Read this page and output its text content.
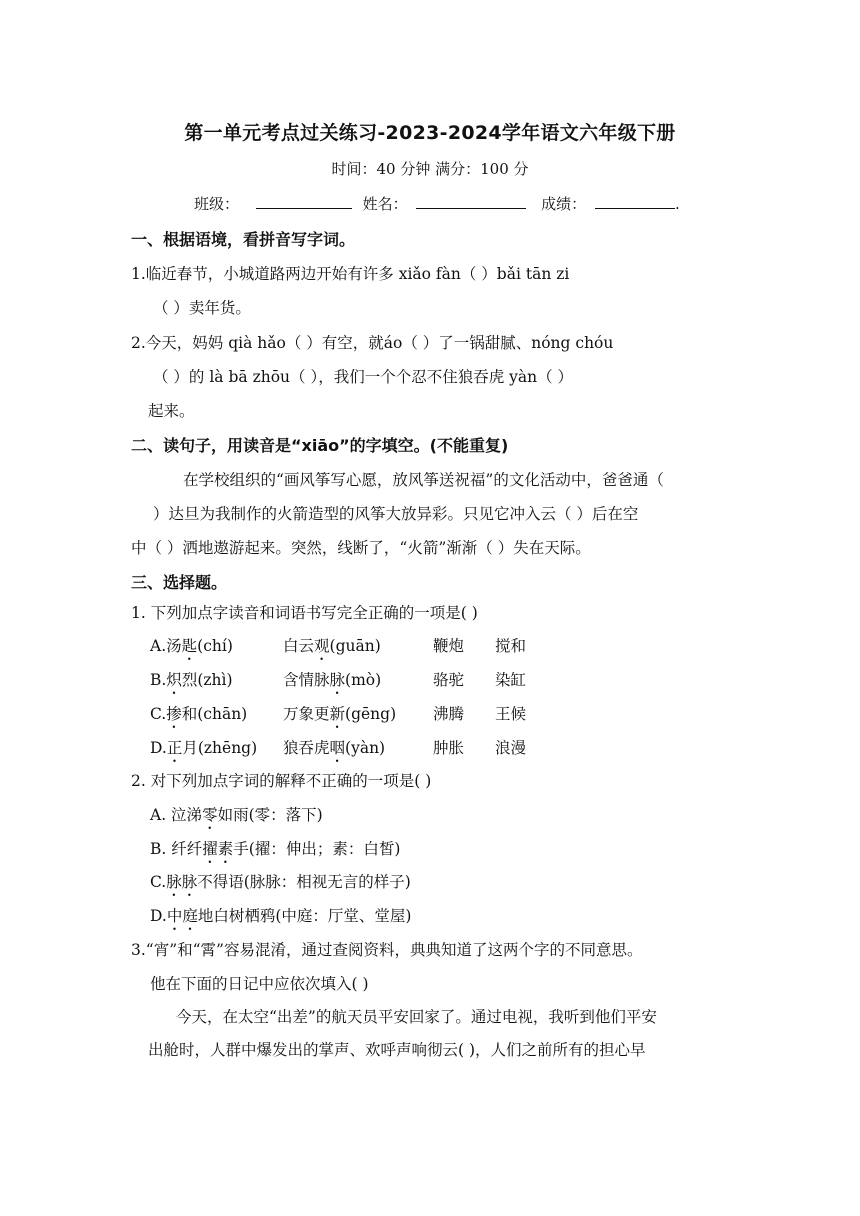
第一单元考点过关练习-2023-2024学年语文六年级下册
时间：40 分钟 满分：100 分
班级：	姓名：	成绩：	.
一、根据语境，看拼音写字词。
1.临近春节，小城道路两边开始有许多 xiǎo fàn（ ）bǎi tān zi
（ ）卖年货。
2.今天，妈妈 qià hǎo（ ）有空，就áo（ ）了一锅甜腻、nóng chóu
（ ）的 là bā zhōu（ ），我们一个个忍不住狼吞虎 yàn（ ）
起来。
二、读句子，用读音是“xiāo”的字填空。(不能重复)
在学校组织的“画风筝写心愿，放风筝送祝福”的文化活动中，爸爸通（
）达旦为我制作的火箭造型的风筝大放异彩。只见它冲入云（ ）后在空
中（ ）洒地遨游起来。突然，线断了，“火箭”渐渐（ ）失在天际。
三、选择题。
1. 下列加点字读音和词语书写完全正确的一项是( )
A.汤匙(chí)	白云观(guān)	鞭炮 搅和
B.炽烈(zhì)	含情脉脉(mò)	骆驼 染缸
C.掺和(chān) 万象更新(gēng) 沸腾 王候
D.正月(zhēng) 狼吞虎咽(yàn)	肿胀 浪漫
2. 对下列加点字词的解释不正确的一项是( )
A. 泣涕零如雨(零：落下)
B. 纤纤擢素手(擢：伸出；素：白皙)
C.脉脉不得语(脉脉：相视无言的样子)
D.中庭地白树栖鸦(中庭：厅堂、堂屋)
3.“宵”和“霄”容易混淆，通过查阅资料，典典知道了这两个字的不同意思。
他在下面的日记中应依次填入( )
今天，在太空“出差”的航天员平安回家了。通过电视，我听到他们平安
出舱时，人群中爆发出的掌声、欢呼声响彻云( )，人们之前所有的担心早
